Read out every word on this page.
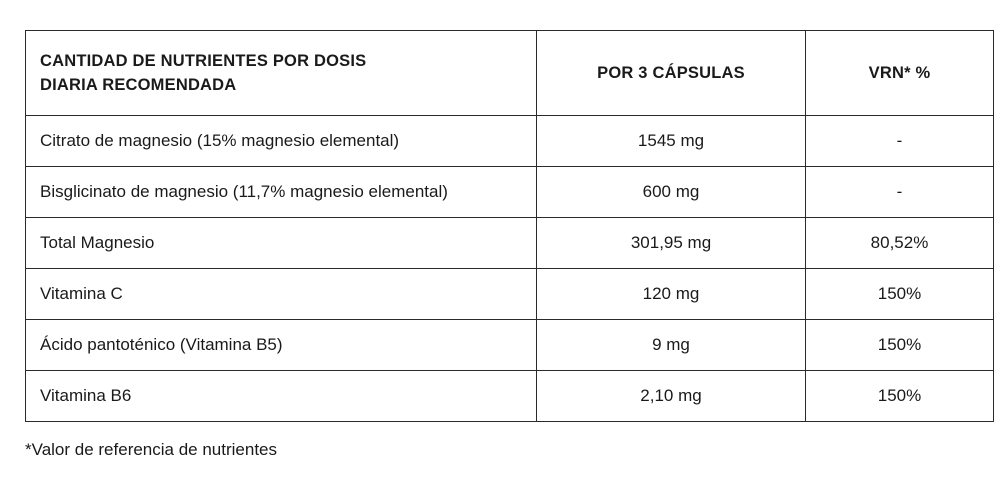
CANTIDAD DE NUTRIENTES POR DOSIS
DIARIA RECOMENDADA	POR 3 CÁPSULAS	VRN* %
Citrato de magnesio (15% magnesio elemental)	1545 mg	-
Bisglicinato de magnesio (11,7% magnesio elemental)	600 mg	-
Total Magnesio	301,95 mg	80,52%
Vitamina C	120 mg	150%
Ácido pantoténico (Vitamina B5)	9 mg	150%
Vitamina B6	2,10 mg	150%
*Valor de referencia de nutrientes
